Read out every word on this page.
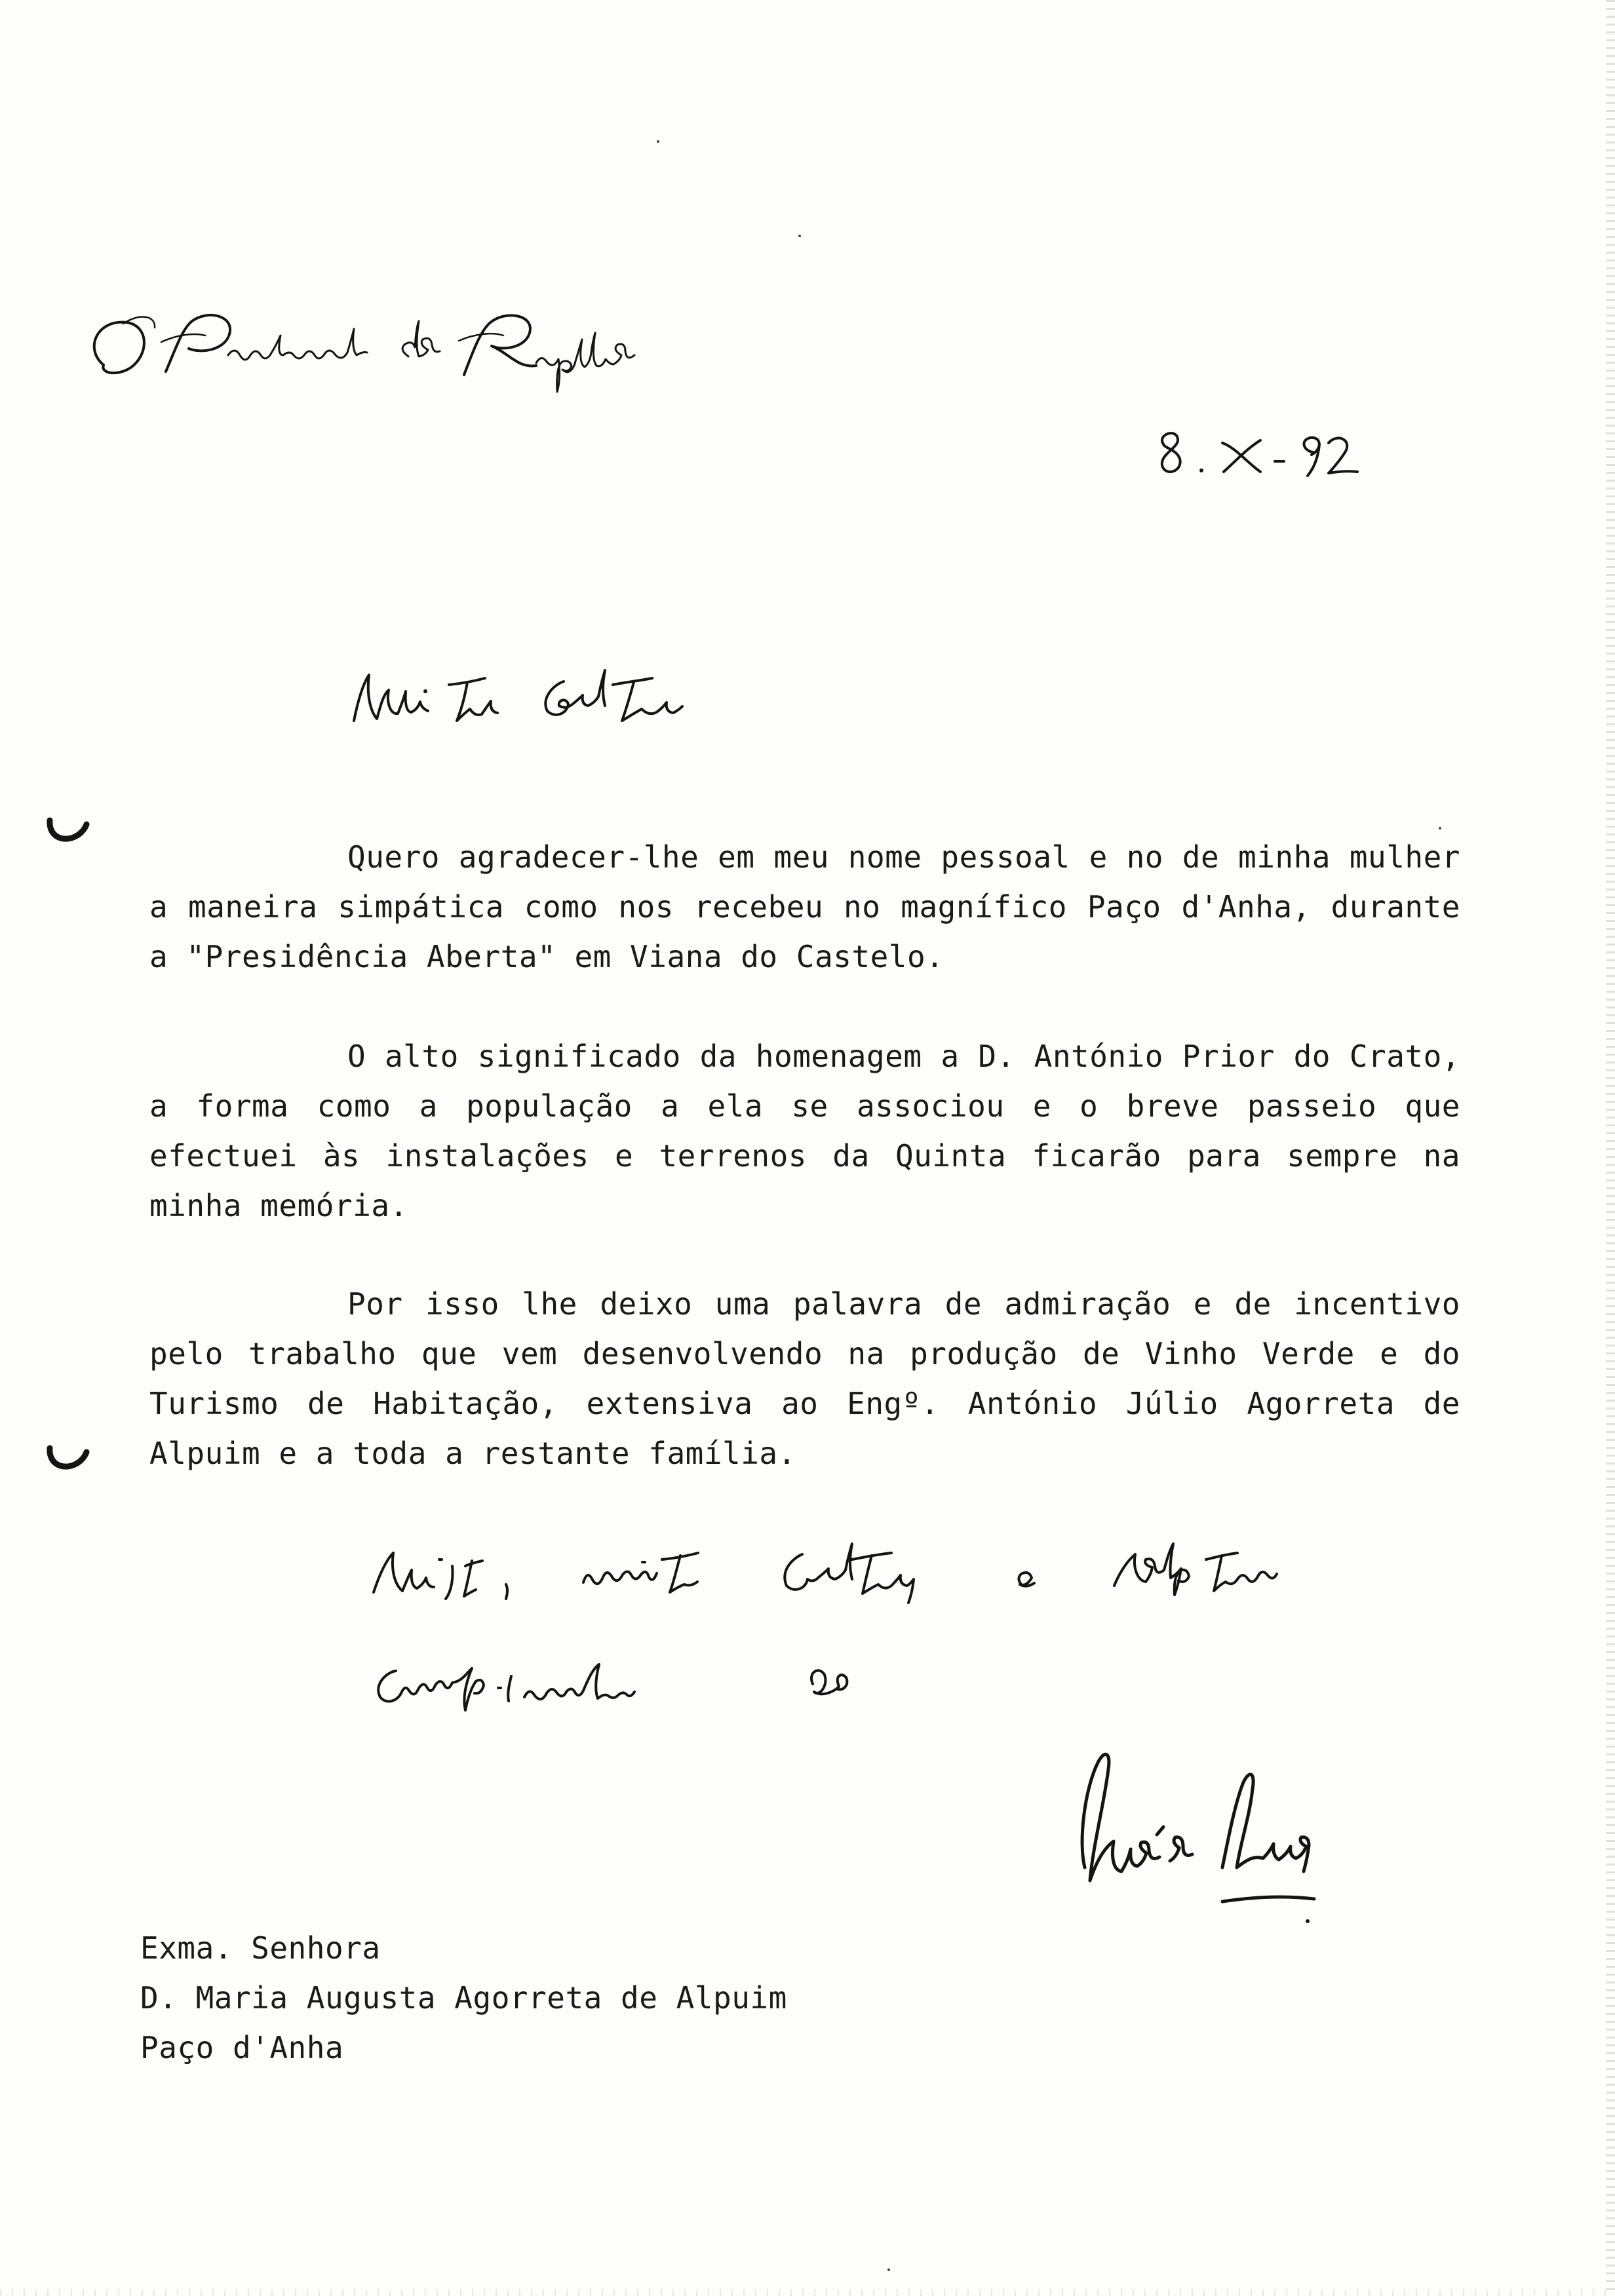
Quero agradecer-lhe em meu nome pessoal e no de minha mulher a maneira simpática como nos recebeu no magnífico Paço d'Anha, durante a "Presidência Aberta" em Viana do Castelo.

O alto significado da homenagem a D. António Prior do Crato, a forma como a população a ela se associou e o breve passeio que efectuei às instalações e terrenos da Quinta ficarão para sempre na minha memória.

Por isso lhe deixo uma palavra de admiração e de incentivo pelo trabalho que vem desenvolvendo na produção de Vinho Verde e do Turismo de Habitação, extensiva ao Engº. António Júlio Agorreta de Alpuim e a toda a restante família.

Exma. Senhora
D. Maria Augusta Agorreta de Alpuim
Paço d'Anha
